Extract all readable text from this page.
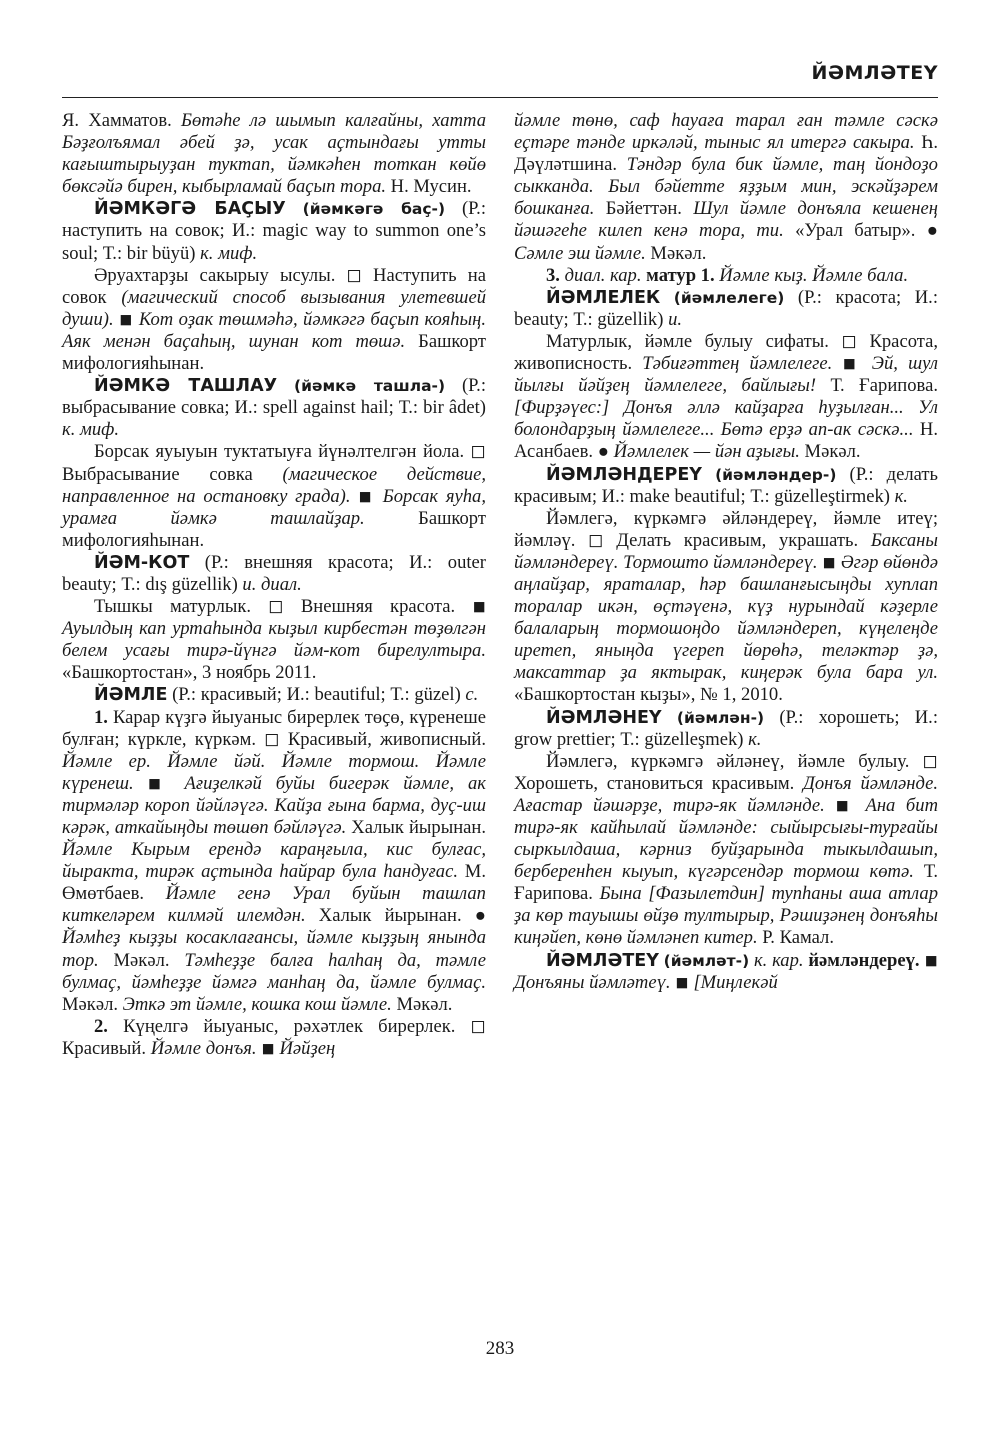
ЙӘМЛӘТЕҮ

Я. Хамматов. Бөтәһе лә шымып калғайны, хатта Бәҙғолъямал әбей ҙә, усак аҫтындағы утты кағыштырыуҙан туктап, йәмкәһен тоткан көйө бөксәйә бирен, кыбырламай баҫып тора. Н. Мусин.

ЙӘМКӘГӘ БАҪЫУ (йәмкәгә баҫ-) (Р.: наступить на совок; И.: magic way to summon one’s soul; Т.: bir büyü) к. миф.

Әруахтарҙы сакырыу ысулы. ◻ Наступить на совок (магический способ вызывания улетевшей души). ◾ Кот оҙак төшмәһә, йәмкәгә баҫып кояһың. Аяк менән баҫаһың, шунан кот төшә. Башкорт мифологияһынан.

ЙӘМКӘ ТАШЛАУ (йәмкә ташла-) (Р.: выбрасывание совка; И.: spell against hail; Т.: bir âdet) к. миф.

Борсак яуыуын туктатыуға йүнәлтелгән йола. ◻ Выбрасывание совка (магическое действие, направленное на остановку града). ◾ Борсак яуһа, урамға йәмкә ташлайҙар. Башкорт мифологияһынан.

ЙӘМ-КОТ (Р.: внешняя красота; И.: outer beauty; Т.: dış güzellik) и. диал.

Тышкы матурлык. ◻ Внешняя красота. ◾ Ауылдың кап уртаһында кыҙыл кирбестән төҙөлгән белем усағы тирә-йүнгә йәм-кот бирелултыра. «Башкортостан», 3 ноябрь 2011.

ЙӘМЛЕ (Р.: красивый; И.: beautiful; Т.: güzel) с.

1. Карар күҙгә йыуаныс бирерлек төҫө, күренеше булған; күркле, күркәм. ◻ Красивый, живописный. Йәмле ер. Йәмле йәй. Йәмле тормош. Йәмле күренеш. ◾ Ағиҙелкәй буйы бигерәк йәмле, ак тирмәләр короп йәйләүгә. Кайҙа ғына барма, дуҫ-иш кәрәк, аткайыңды төшөп бәйләүгә. Халык йырынан. Йәмле Кырым ерендә караңғыла, кис булғас, йыракта, тирәк аҫтында һайрар була һандуғас. М. Өмөтбаев. Йәмле генә Урал буйын ташлап киткеләрем килмәй илемдән. Халык йырынан. ● Йәмһеҙ кыҙҙы косаклағансы, йәмле кыҙҙың янында тор. Мәкәл. Тәмһеҙҙе балға һалһаң да, тәмле булмаҫ, йәмһеҙҙе йәмгә манһаң да, йәмле булмаҫ. Мәкәл. Эткә эт йәмле, кошка кош йәмле. Мәкәл.

2. Күңелгә йыуаныс, рәхәтлек бирерлек. ◻ Красивый. Йәмле донъя. ◾ Йәйҙең

йәмле төнө, саф һауаға тарал ған тәмле сәскә еҫтәре тәнде иркәләй, тыныс ял итергә сакыра. Һ. Дәүләтшина. Тәндәр була бик йәмле, таң йондоҙо сыкканда. Был бәйетте яҙҙым мин, эскәйҙәрем бошканға. Бәйеттән. Шул йәмле донъяла кешенең йәшәгеһе килеп кенә тора, ти. «Урал батыр». ● Сәмле эш йәмле. Мәкәл.

3. диал. кар. матур 1. Йәмле кыҙ. Йәмле бала.

ЙӘМЛЕЛЕК (йәмлелеге) (Р.: красота; И.: beauty; Т.: güzellik) и.

Матурлык, йәмле булыу сифаты. ◻ Красота, живописность. Тәбиғәттең йәмлелеге. ◾ Эй, шул йылғы йәйҙең йәмлелеге, байлығы! Т. Ғарипова. [Фирҙәүес:] Донъя әллә кайҙарға һуҙылған... Ул болондарҙың йәмлелеге... Бөтә ерҙә ап-ак сәскә... Н. Асанбаев. ● Йәмлелек — йән аҙығы. Мәкәл.

ЙӘМЛӘНДЕРЕҮ (йәмләндер-) (Р.: делать красивым; И.: make beautiful; Т.: güzelleştirmek) к.

Йәмлегә, күркәмгә әйләндереү, йәмле итеү; йәмләү. ◻ Делать красивым, украшать. Баксаны йәмләндереү. Тормошто йәмләндереү. ◾ Әгәр өйөндә аңлайҙар, яраталар, һәр башланғысыңды хуплап торалар икән, өҫтәүенә, күҙ нурындай кәҙерле балаларың тормошоңдо йәмләндереп, күңелеңде иретеп, яныңда үгереп йөрөһә, теләктәр ҙә, максаттар ҙа яктырак, киңерәк була бара ул. «Башкортостан кыҙы», № 1, 2010.

ЙӘМЛӘНЕҮ (йәмлән-) (Р.: хорошеть; И.: grow prettier; Т.: güzelleşmek) к.

Йәмлегә, күркәмгә әйләнеү, йәмле булыу. ◻ Хорошеть, становиться красивым. Донъя йәмләнде. Ағастар йәшәрҙе, тирә-як йәмләнде. ◾ Ана бит тирә-як кайһылай йәмләнде: сыйырсығы-турғайы сыркылдаша, кәрниз буйҙарында тыкылдашып, берберенһен кыуып, күгәрсендәр тормош көтә. Т. Ғарипова. Бына [Фазылетдин] тупһаны аша атлар ҙа көр тауышы өйҙө тултырыр, Рәшиҙәнең донъяһы киңәйеп, көнө йәмләнеп китер. Р. Камал.

ЙӘМЛӘТЕҮ (йәмләт-) к. кар. йәмләндереү. ◾ Донъяны йәмләтеү. ◾ [Миңлекәй

283
